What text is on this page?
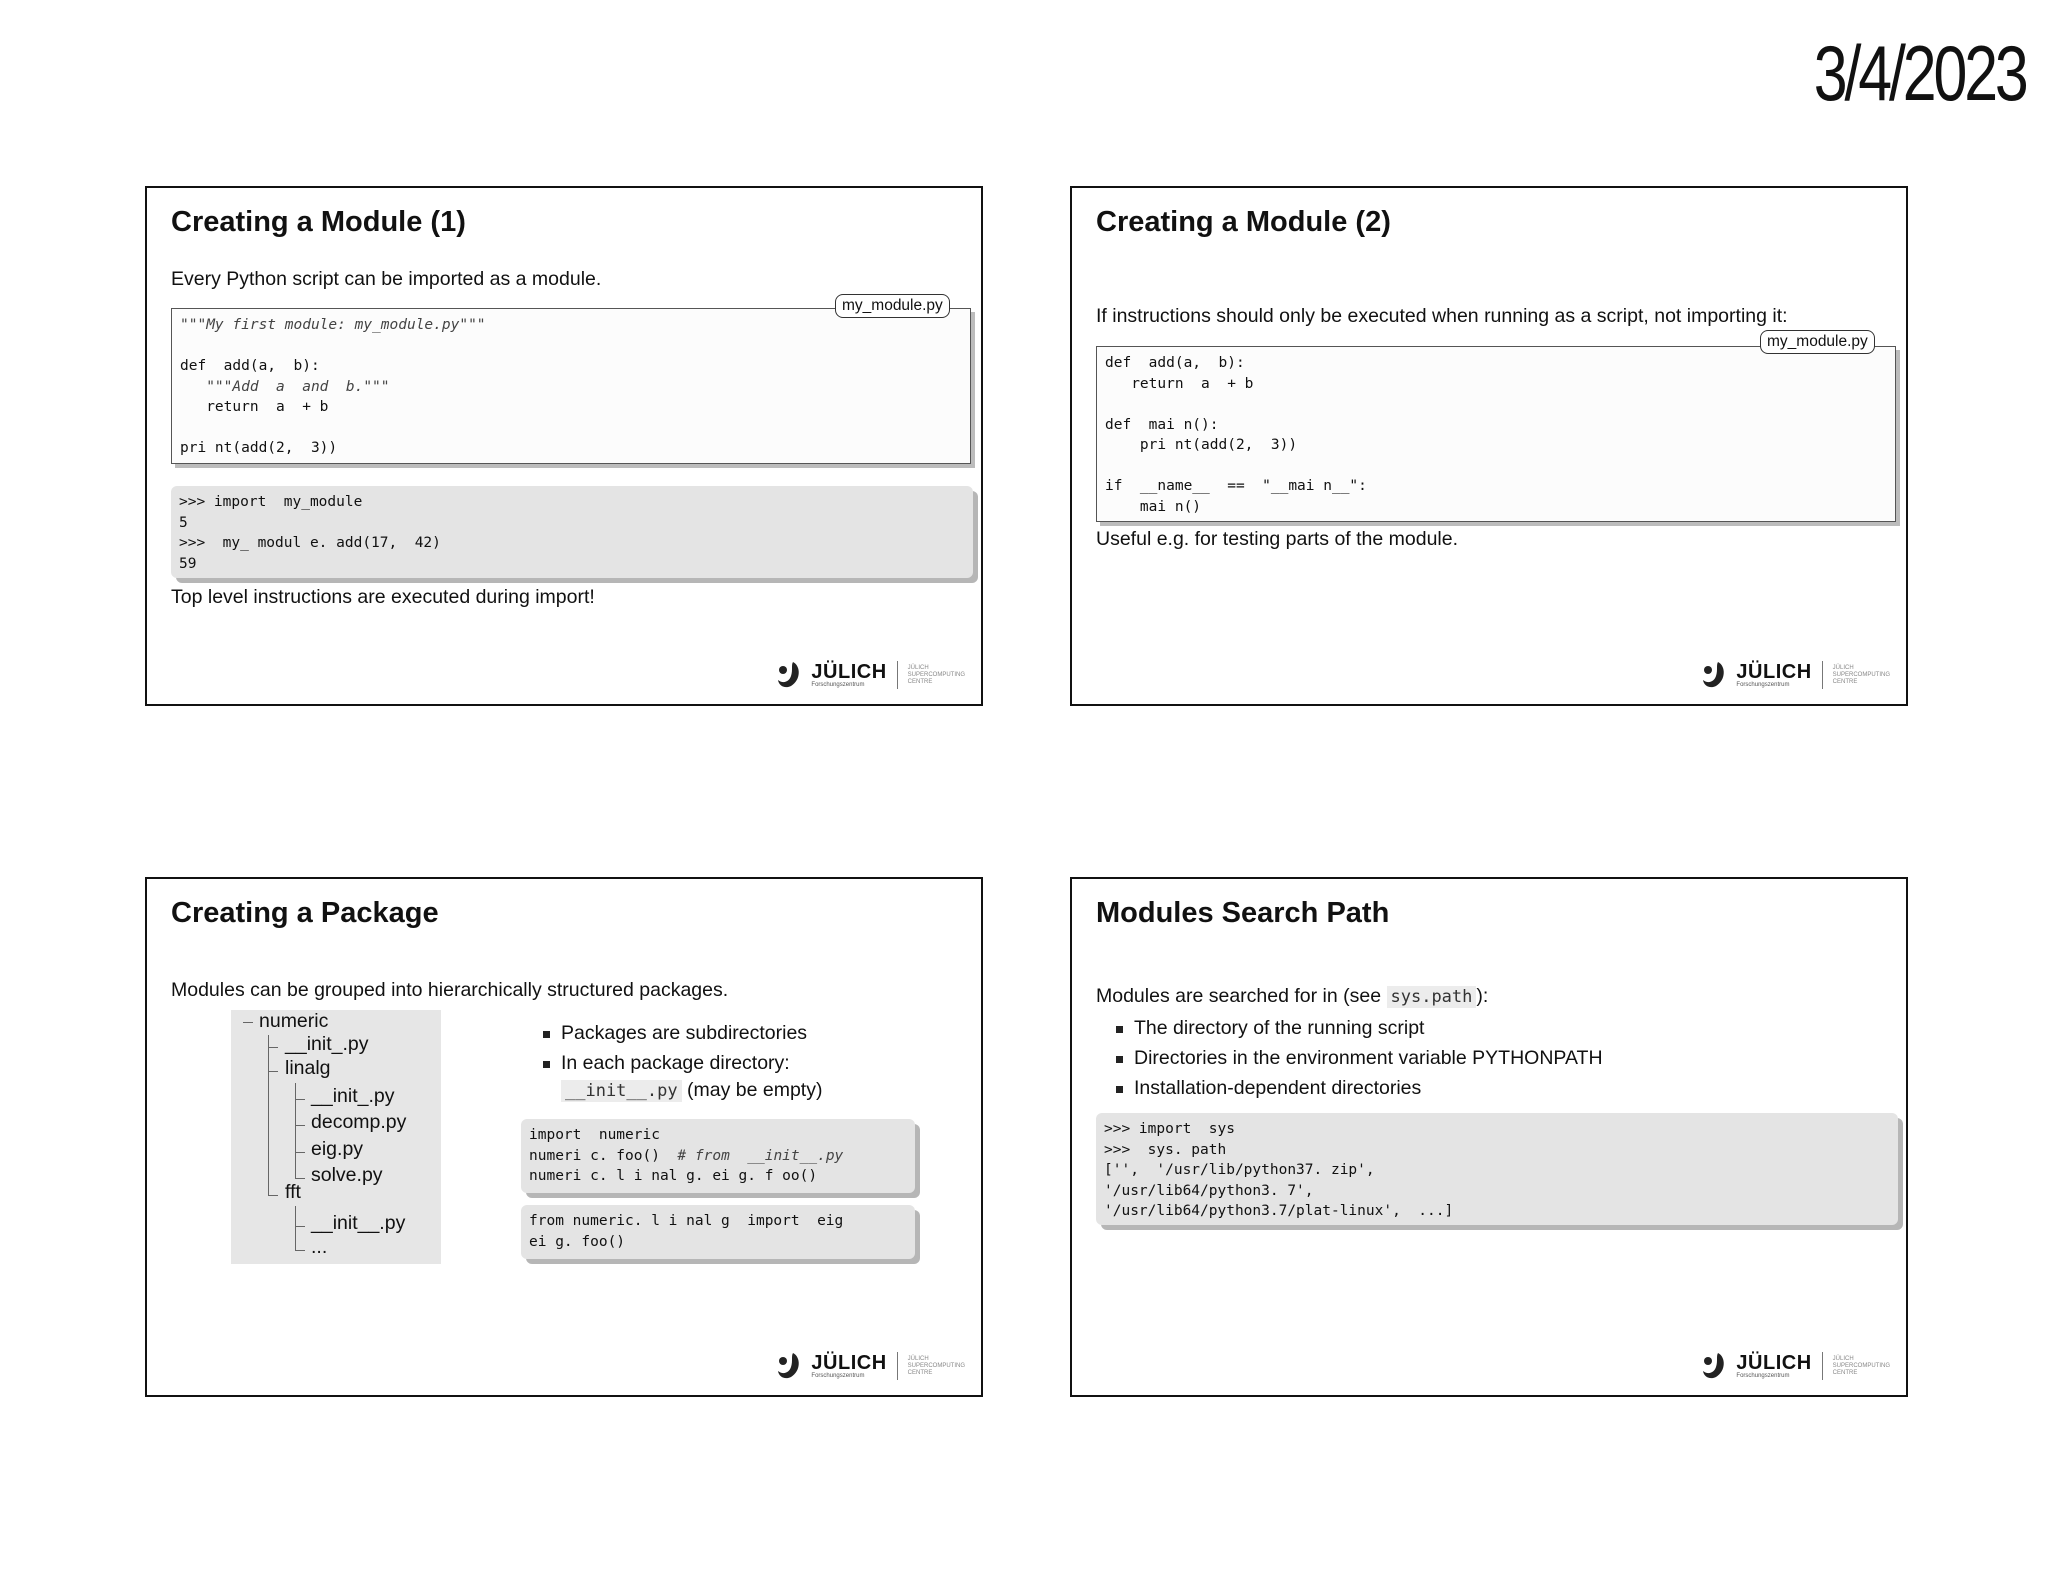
3/4/2023
Creating a Module (1)
Every Python script can be imported as a module.
"""My first module: my_module.py"""

def  add(a,  b):
"""Add  a  and  b."""
return  a  + b

pri nt(add(2,  3))
my_module.py
>>> import  my_module
5
>>>  my_ modul e. add(17,  42)
59
Top level instructions are executed during import!
JÜLICH
Forschungszentrum
JÜLICH
SUPERCOMPUTING
CENTRE
Creating a Module (2)
If instructions should only be executed when running as a script, not importing it:
def  add(a,  b):
return  a  + b

def  mai n():
pri nt(add(2,  3))

if  __name__  ==  "__mai n__":
mai n()
my_module.py
Useful e.g. for testing parts of the module.
JÜLICH
Forschungszentrum
JÜLICH
SUPERCOMPUTING
CENTRE
Creating a Package
Modules can be grouped into hierarchically structured packages.
numeric
__init_.py
linalg
__init_.py
decomp.py
eig.py
solve.py
fft
__init__.py
...
Packages are subdirectories
In each package directory:
__init__.py (may be empty)
import  numeric
numeri c. foo() # from  __init__.py
numeri c. l i nal g. ei g. f oo()
from numeric. l i nal g  import  eig
ei g. foo()
JÜLICH
Forschungszentrum
JÜLICH
SUPERCOMPUTING
CENTRE
Modules Search Path
Modules are searched for in (see sys.path ):
The directory of the running script
Directories in the environment variable PYTHONPATH
Installation-dependent directories
>>> import  sys
>>>  sys. path
['',  '/usr/lib/python37. zip',
'/usr/lib64/python3. 7',
'/usr/lib64/python3.7/plat-linux',  ...]
JÜLICH
Forschungszentrum
JÜLICH
SUPERCOMPUTING
CENTRE
